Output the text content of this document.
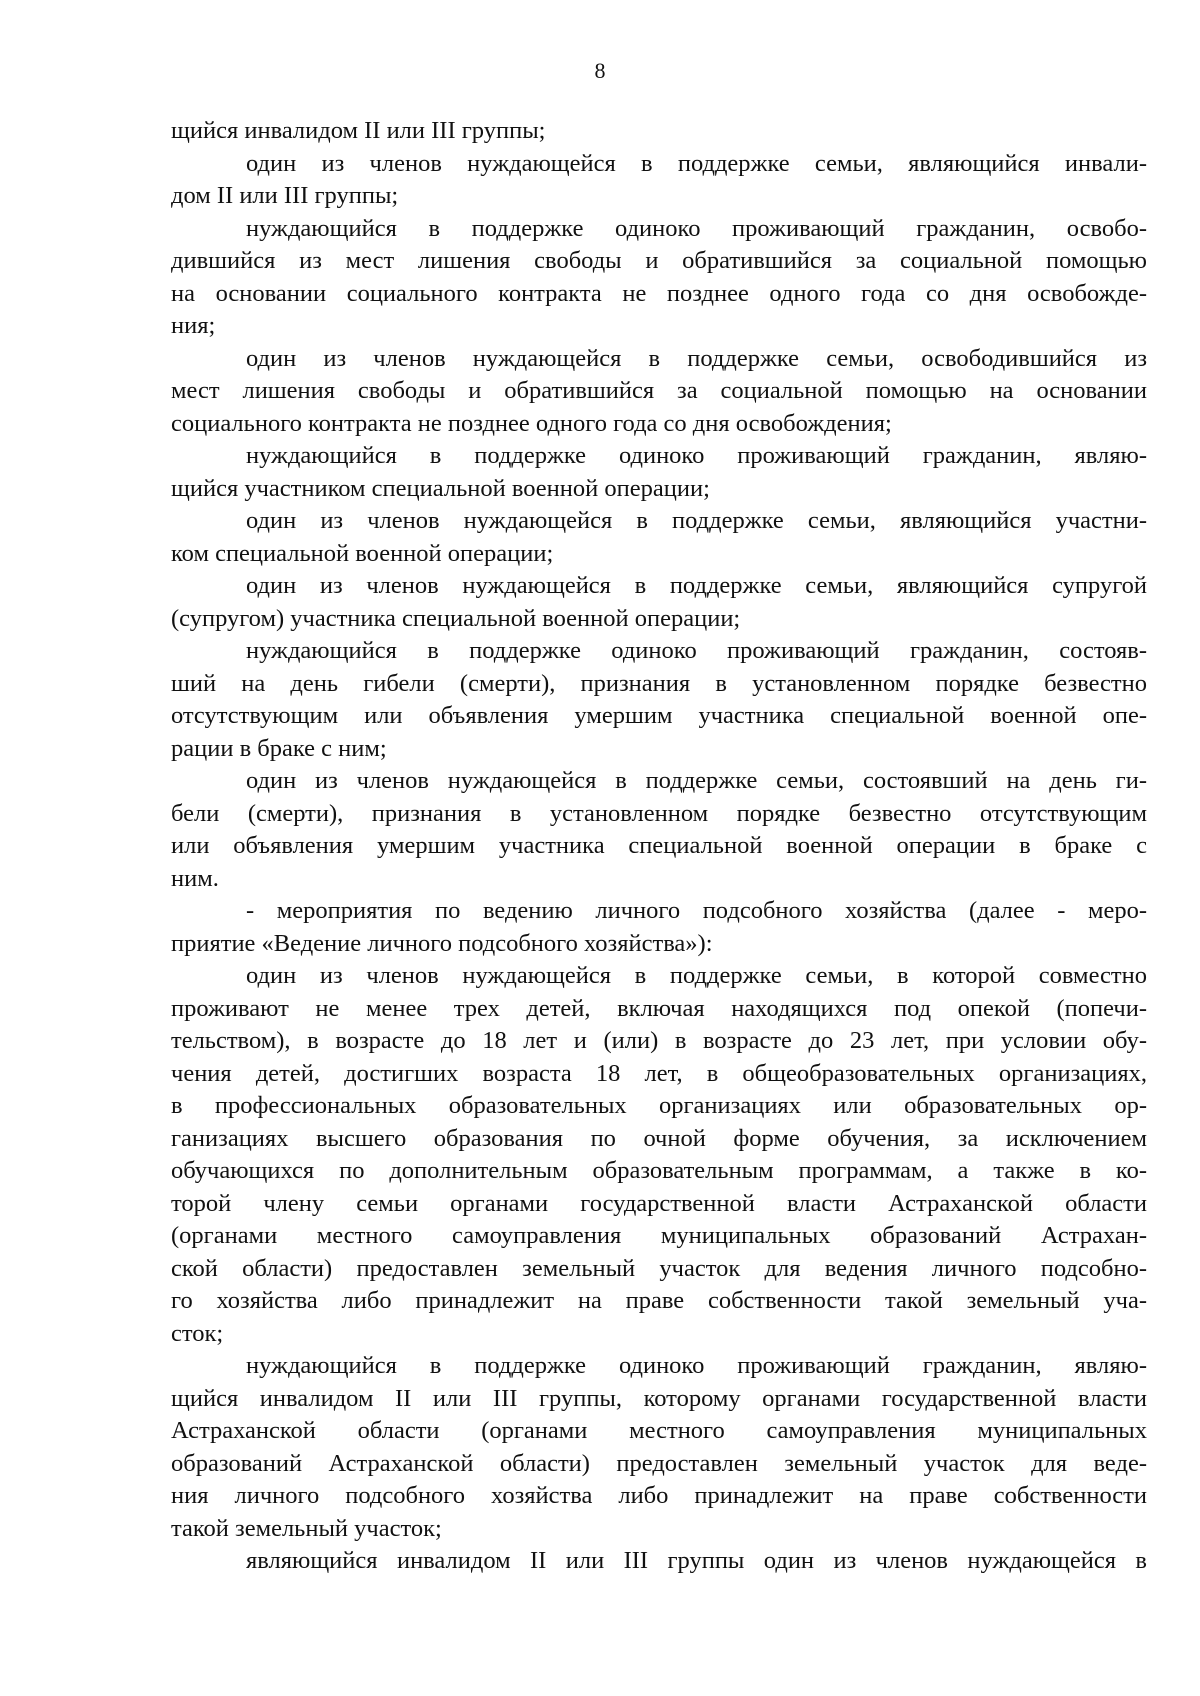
8
щийся инвалидом II или III группы;
один из членов нуждающейся в поддержке семьи, являющийся инвали-
дом II или III группы;
нуждающийся в поддержке одиноко проживающий гражданин, освобо-
дившийся из мест лишения свободы и обратившийся за социальной помощью
на основании социального контракта не позднее одного года со дня освобожде-
ния;
один из членов нуждающейся в поддержке семьи, освободившийся из
мест лишения свободы и обратившийся за социальной помощью на основании
социального контракта не позднее одного года со дня освобождения;
нуждающийся в поддержке одиноко проживающий гражданин, являю-
щийся участником специальной военной операции;
один из членов нуждающейся в поддержке семьи, являющийся участни-
ком специальной военной операции;
один из членов нуждающейся в поддержке семьи, являющийся супругой
(супругом) участника специальной военной операции;
нуждающийся в поддержке одиноко проживающий гражданин, состояв-
ший на день гибели (смерти), признания в установленном порядке безвестно
отсутствующим или объявления умершим участника специальной военной опе-
рации в браке с ним;
один из членов нуждающейся в поддержке семьи, состоявший на день ги-
бели (смерти), признания в установленном порядке безвестно отсутствующим
или объявления умершим участника специальной военной операции в браке с
ним.
- мероприятия по ведению личного подсобного хозяйства (далее - меро-
приятие «Ведение личного подсобного хозяйства»):
один из членов нуждающейся в поддержке семьи, в которой совместно
проживают не менее трех детей, включая находящихся под опекой (попечи-
тельством), в возрасте до 18 лет и (или) в возрасте до 23 лет, при условии обу-
чения детей, достигших возраста 18 лет, в общеобразовательных организациях,
в профессиональных образовательных организациях или образовательных ор-
ганизациях высшего образования по очной форме обучения, за исключением
обучающихся по дополнительным образовательным программам, а также в ко-
торой члену семьи органами государственной власти Астраханской области
(органами местного самоуправления муниципальных образований Астрахан-
ской области) предоставлен земельный участок для ведения личного подсобно-
го хозяйства либо принадлежит на праве собственности такой земельный уча-
сток;
нуждающийся в поддержке одиноко проживающий гражданин, являю-
щийся инвалидом II или III группы, которому органами государственной власти
Астраханской области (органами местного самоуправления муниципальных
образований Астраханской области) предоставлен земельный участок для веде-
ния личного подсобного хозяйства либо принадлежит на праве собственности
такой земельный участок;
являющийся инвалидом II или III группы один из членов нуждающейся в
